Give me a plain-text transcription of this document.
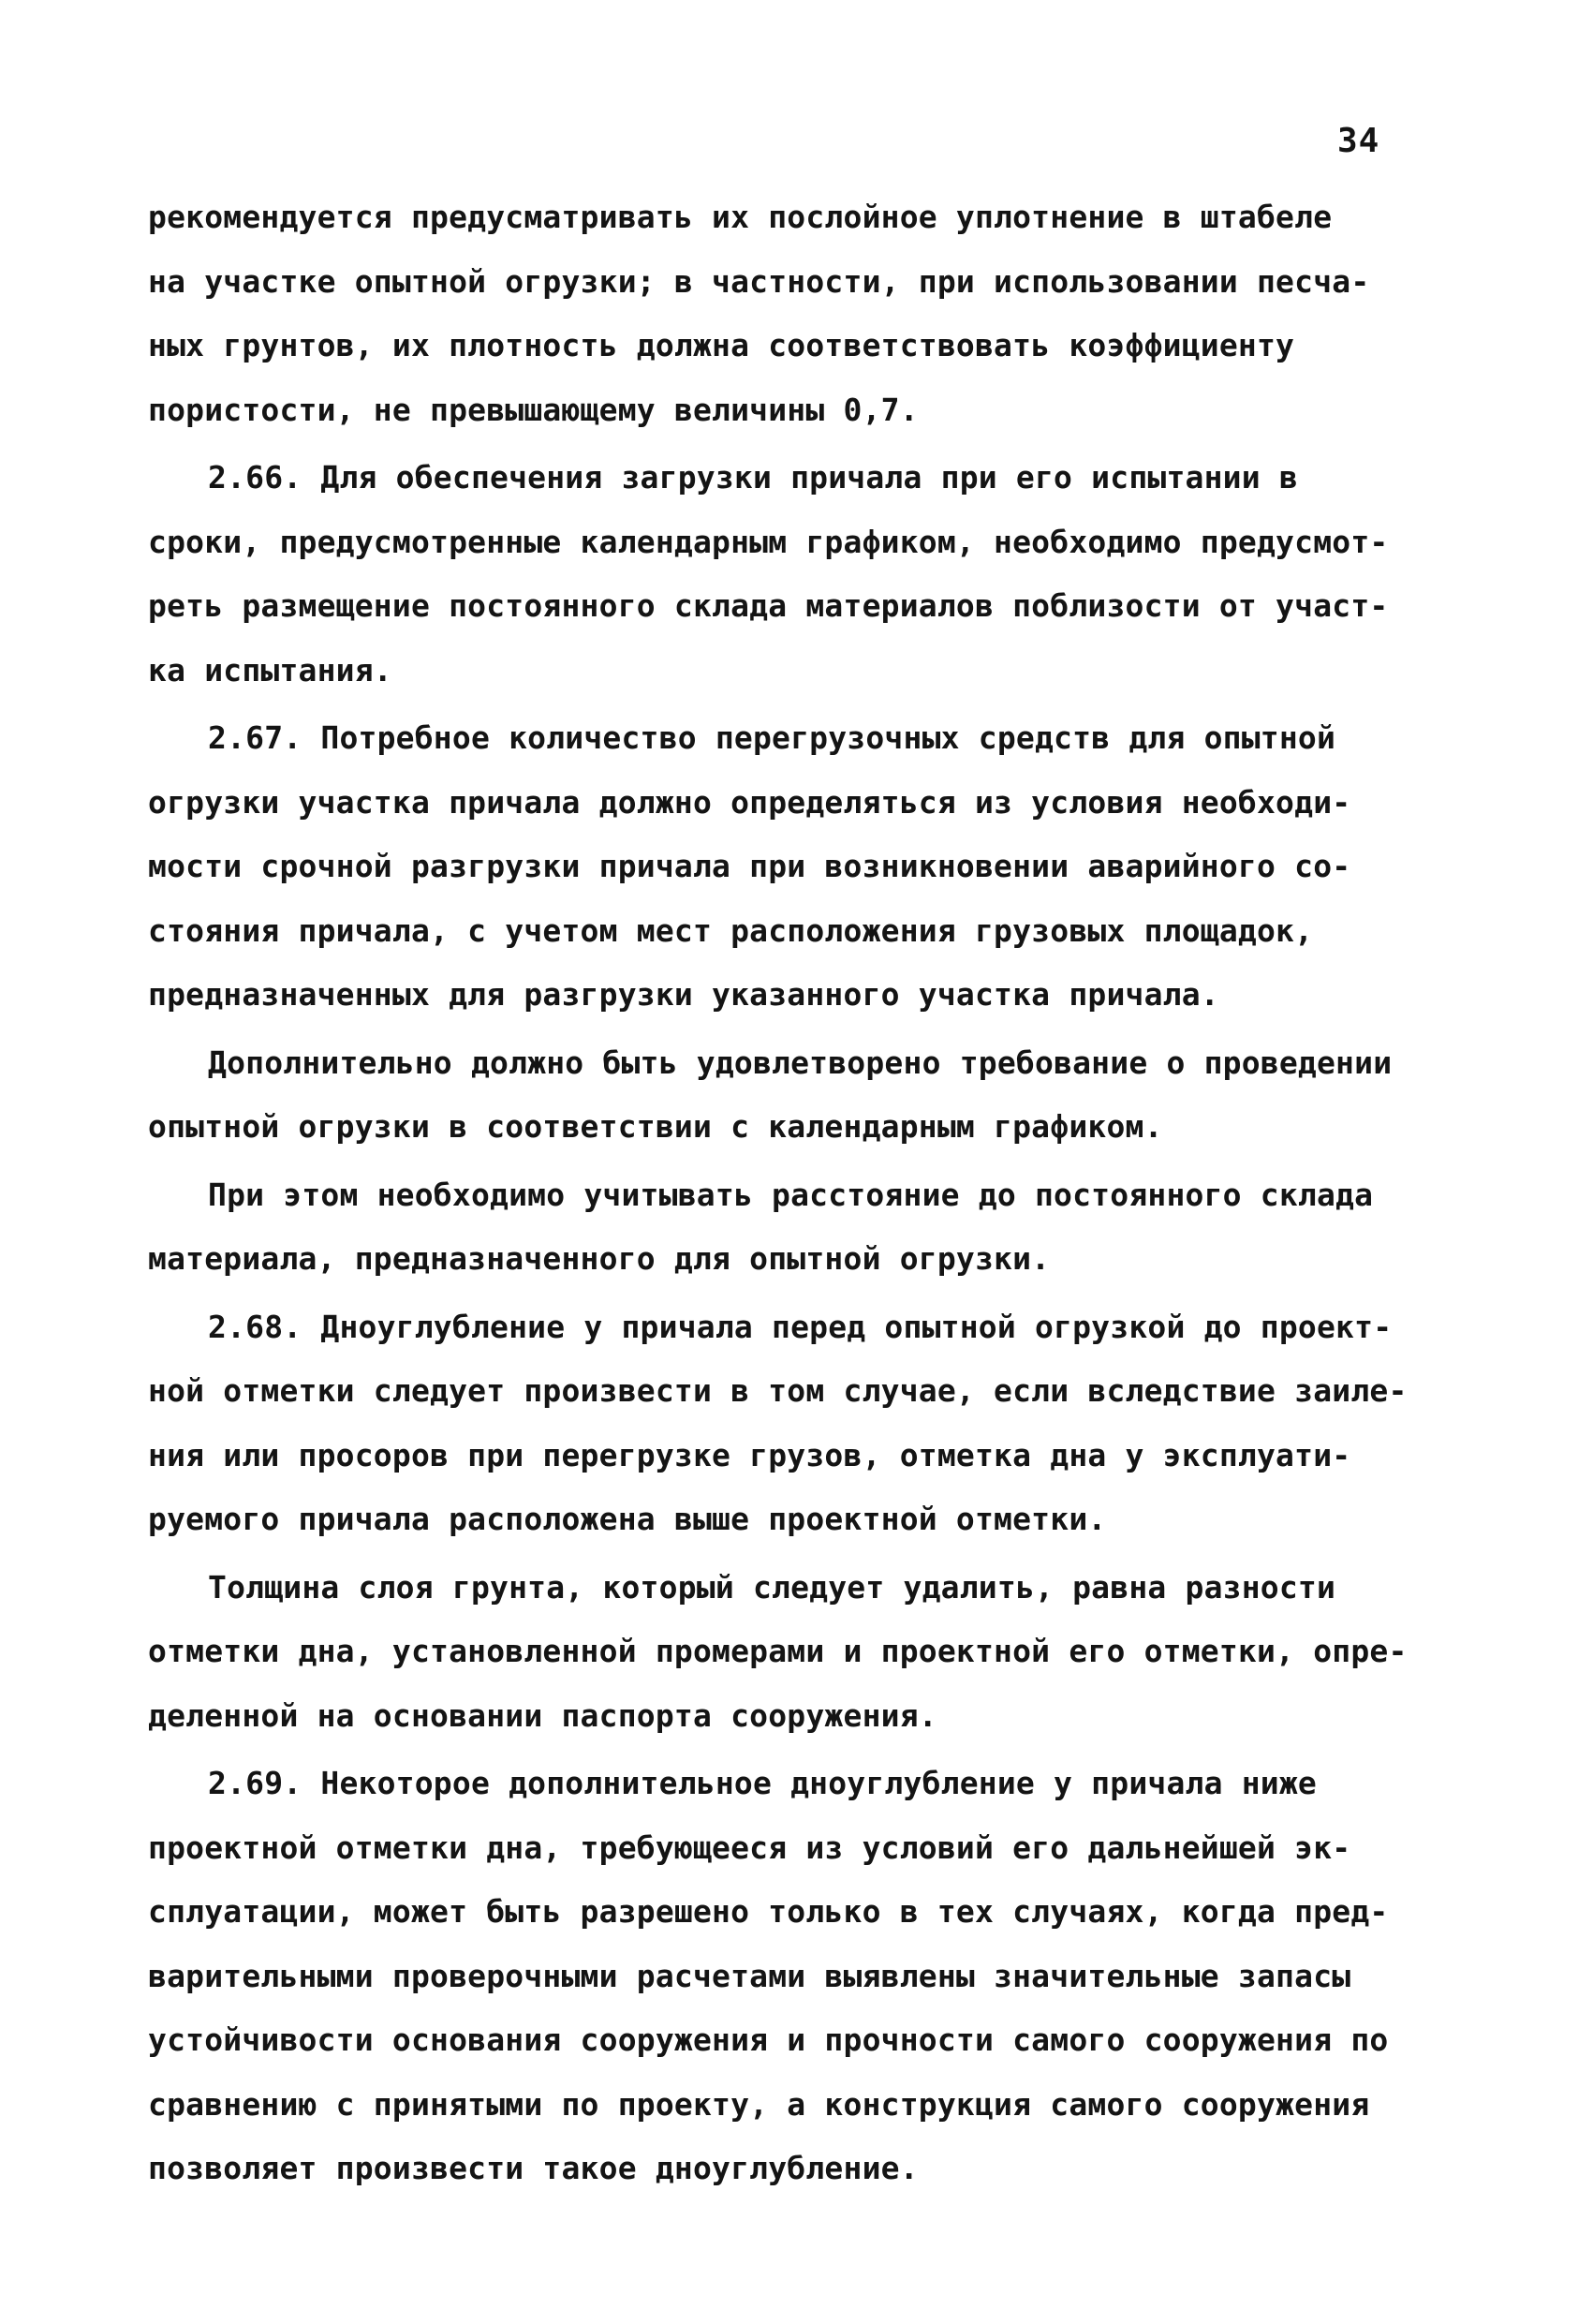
34
рекомендуется предусматривать их послойное уплотнение в штабеле
на участке опытной огрузки; в частности, при использовании песча-
ных грунтов, их плотность должна соответствовать коэффициенту
пористости, не превышающему величины 0,7.
2.66. Для обеспечения загрузки причала при его испытании в
сроки, предусмотренные календарным графиком, необходимо предусмот-
реть размещение постоянного склада материалов поблизости от участ-
ка испытания.
2.67. Потребное количество перегрузочных средств для опытной
огрузки участка причала должно определяться из условия необходи-
мости срочной разгрузки причала при возникновении аварийного со-
стояния причала, с учетом мест расположения грузовых площадок,
предназначенных для разгрузки указанного участка причала.
Дополнительно должно быть удовлетворено требование о проведении
опытной огрузки в соответствии с календарным графиком.
При этом необходимо учитывать расстояние до постоянного склада
материала, предназначенного для опытной огрузки.
2.68. Дноуглубление у причала перед опытной огрузкой до проект-
ной отметки следует произвести в том случае, если вследствие заиле-
ния или просоров при перегрузке грузов, отметка дна у эксплуати-
руемого причала расположена выше проектной отметки.
Толщина слоя грунта, который следует удалить, равна разности
отметки дна, установленной промерами и проектной его отметки, опре-
деленной на основании паспорта сооружения.
2.69. Некоторое дополнительное дноуглубление у причала ниже
проектной отметки дна, требующееся из условий его дальнейшей эк-
сплуатации, может быть разрешено только в тех случаях, когда пред-
варительными проверочными расчетами выявлены значительные запасы
устойчивости основания сооружения и прочности самого сооружения по
сравнению с принятыми по проекту, а конструкция самого сооружения
позволяет произвести такое дноуглубление.
